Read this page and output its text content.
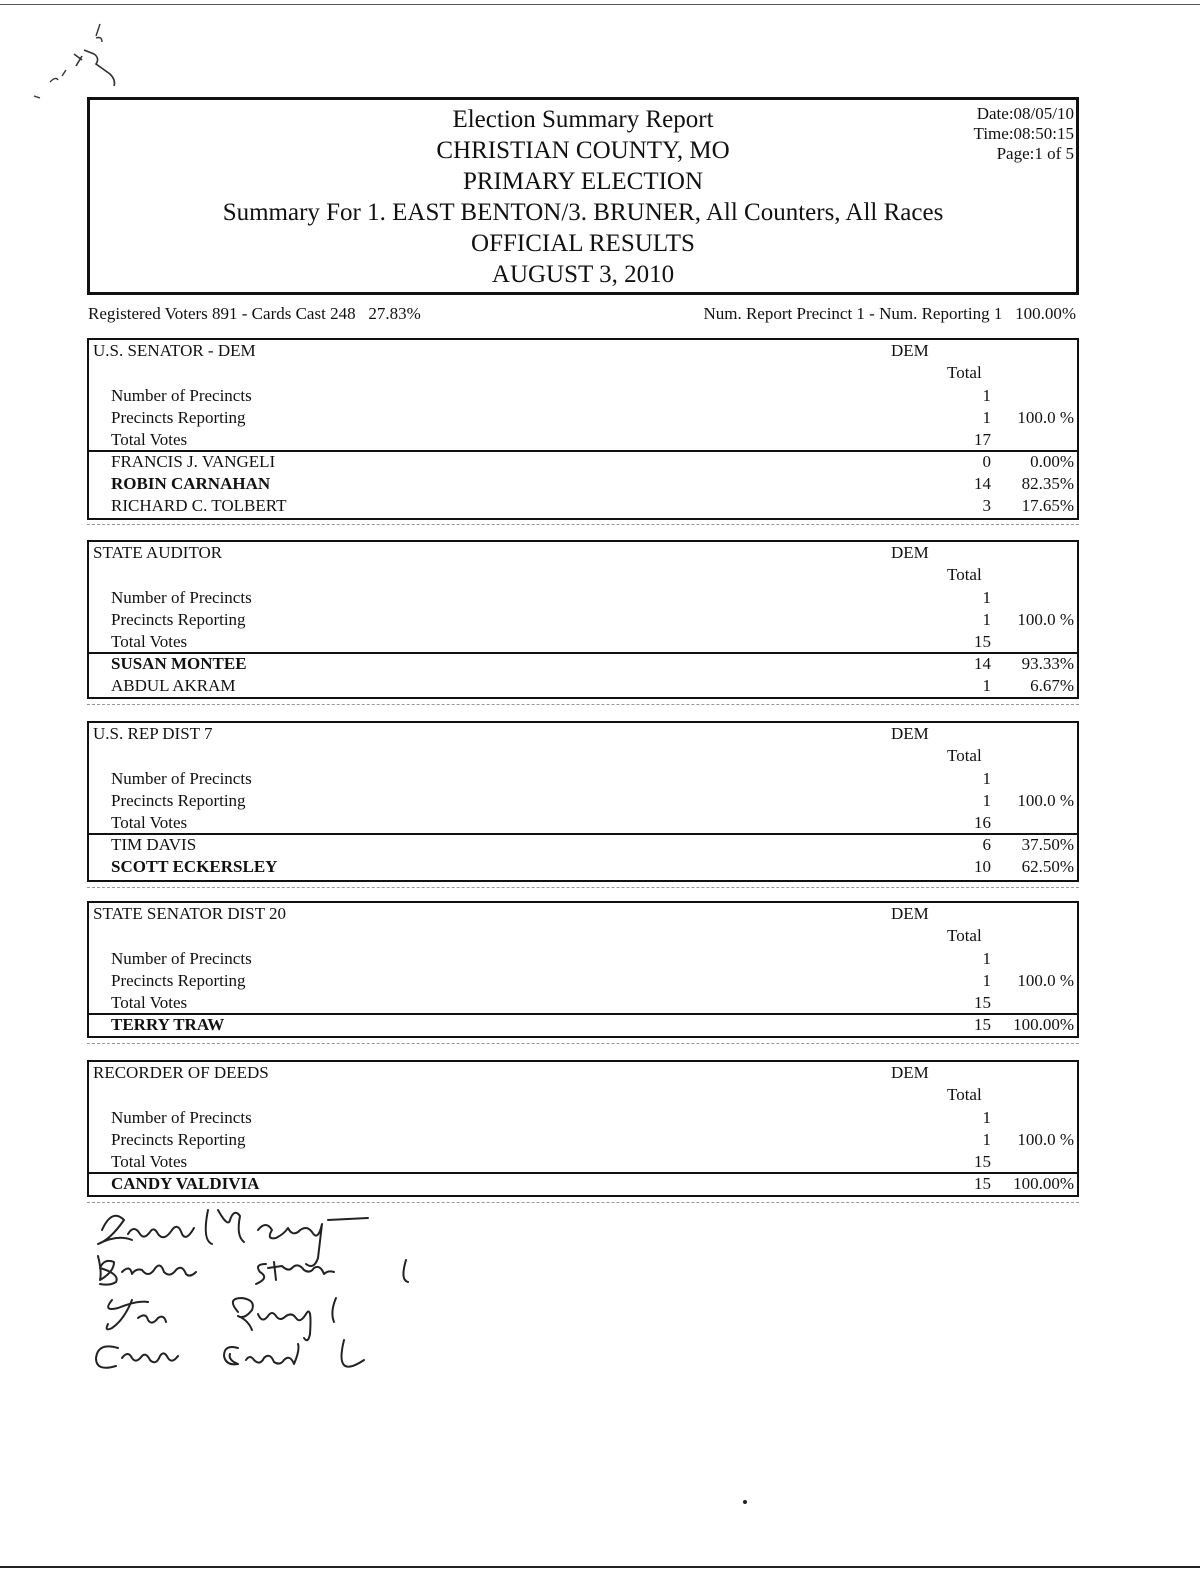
Election Summary Report
CHRISTIAN COUNTY, MO
PRIMARY ELECTION
Summary For 1. EAST BENTON/3. BRUNER, All Counters, All Races
OFFICIAL RESULTS
AUGUST 3, 2010
Date:08/05/10
Time:08:50:15
Page:1 of 5
Registered Voters 891 - Cards Cast 248   27.83%	Num. Report Precinct 1 - Num. Reporting 1   100.00%
U.S. SENATOR - DEM	DEM
Total
Number of Precincts	1
Precincts Reporting	1 100.0 %
Total Votes	17
FRANCIS J. VANGELI	0 0.00%
ROBIN CARNAHAN	14 82.35%
RICHARD C. TOLBERT	3 17.65%
STATE AUDITOR	DEM
Total
Number of Precincts	1
Precincts Reporting	1 100.0 %
Total Votes	15
SUSAN MONTEE	14 93.33%
ABDUL AKRAM	1 6.67%
U.S. REP DIST 7	DEM
Total
Number of Precincts	1
Precincts Reporting	1 100.0 %
Total Votes	16
TIM DAVIS	6 37.50%
SCOTT ECKERSLEY	10 62.50%
STATE SENATOR DIST 20	DEM
Total
Number of Precincts	1
Precincts Reporting	1 100.0 %
Total Votes	15
TERRY TRAW	15 100.00%
RECORDER OF DEEDS	DEM
Total
Number of Precincts	1
Precincts Reporting	1 100.0 %
Total Votes	15
CANDY VALDIVIA	15 100.00%
